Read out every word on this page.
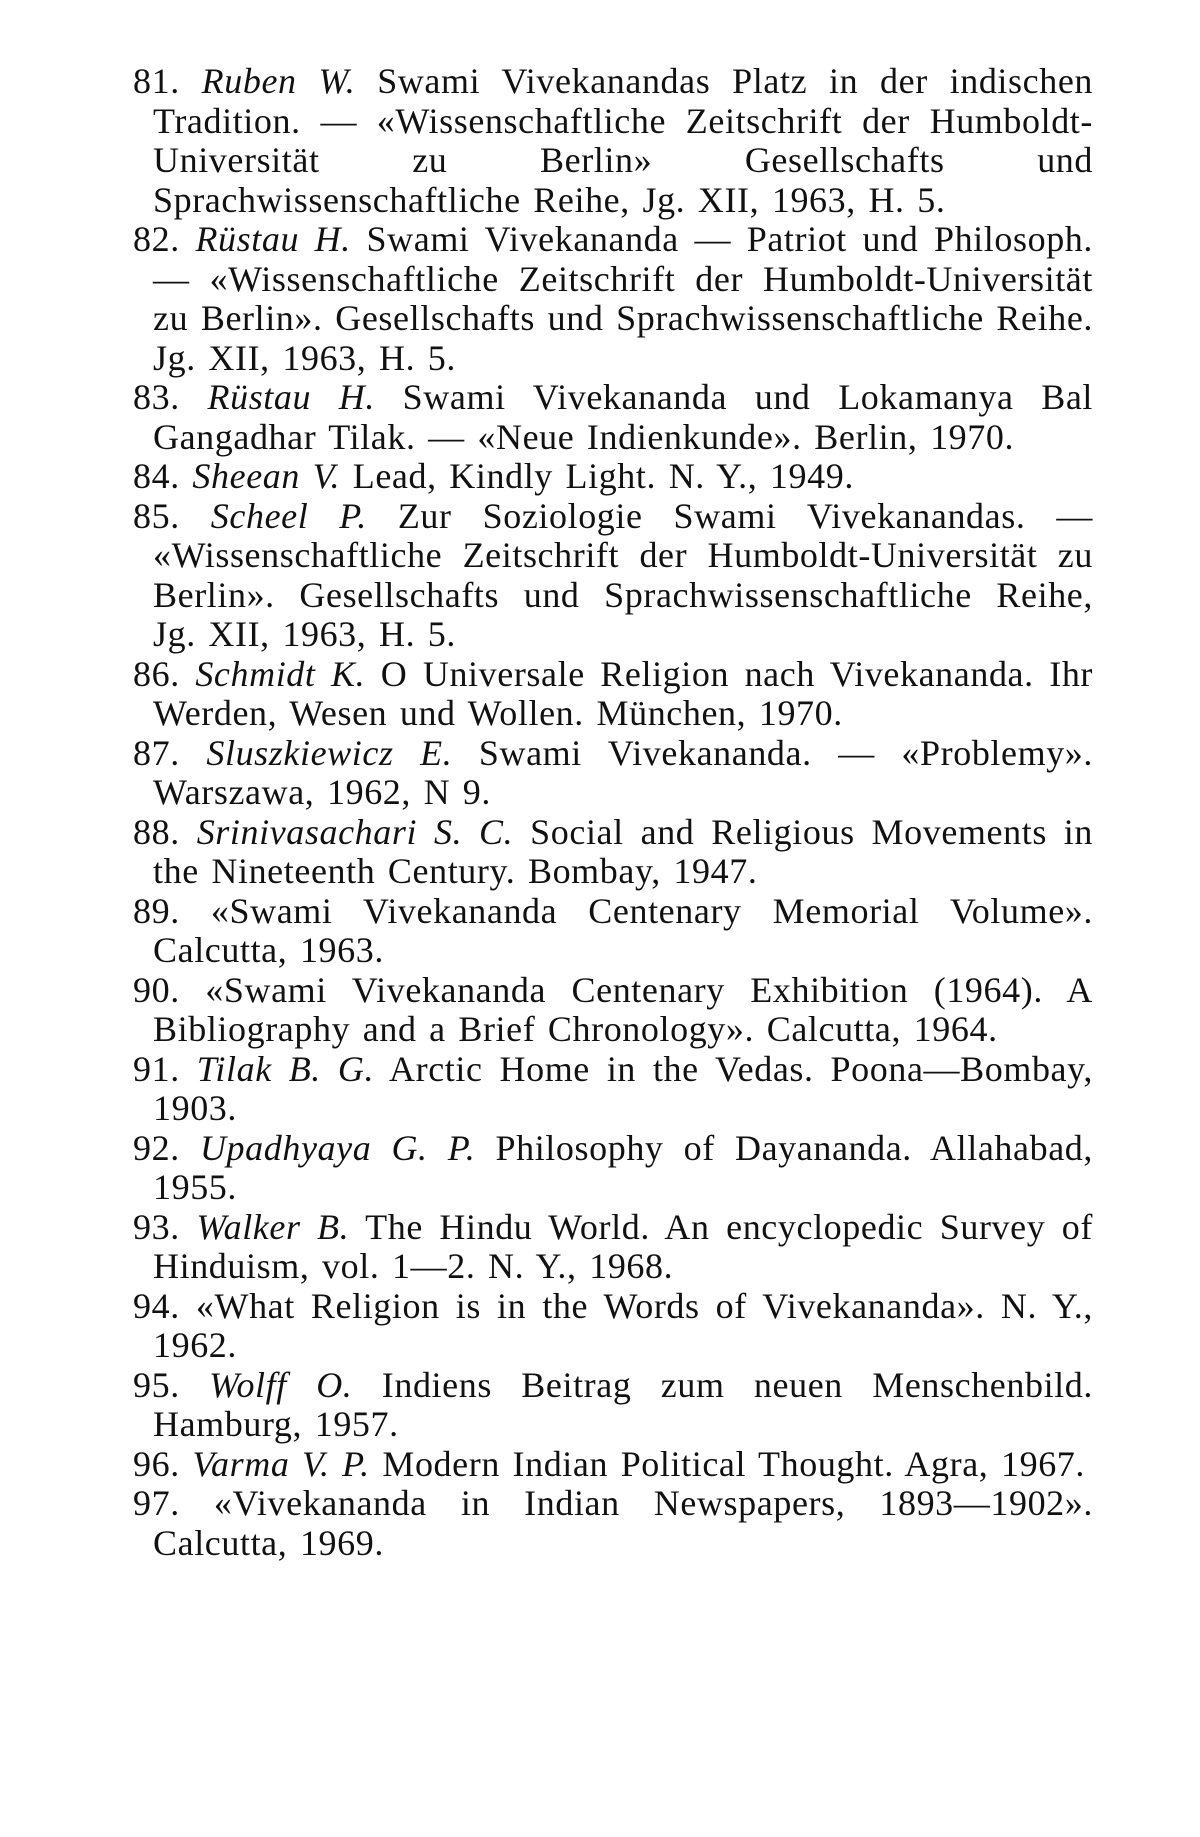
81. Ruben W. Swami Vivekanandas Platz in der indischen Tradition. — «Wissenschaftliche Zeitschrift der Humboldt-Universität zu Berlin» Gesellschafts und Sprachwissenschaftliche Reihe, Jg. XII, 1963, H. 5.

82. Rüstau H. Swami Vivekananda — Patriot und Philosoph. — «Wissenschaftliche Zeitschrift der Humboldt-Universität zu Berlin». Gesellschafts und Sprachwissenschaftliche Reihe. Jg. XII, 1963, H. 5.

83. Rüstau H. Swami Vivekananda und Lokamanya Bal Gangadhar Tilak. — «Neue Indienkunde». Berlin, 1970.

84. Sheean V. Lead, Kindly Light. N. Y., 1949.

85. Scheel P. Zur Soziologie Swami Vivekanandas. — «Wissenschaftliche Zeitschrift der Humboldt-Universität zu Berlin». Gesellschafts und Sprachwissenschaftliche Reihe, Jg. XII, 1963, H. 5.

86. Schmidt K. O Universale Religion nach Vivekananda. Ihr Werden, Wesen und Wollen. München, 1970.

87. Sluszkiewicz E. Swami Vivekananda. — «Problemy». Warszawa, 1962, N 9.

88. Srinivasachari S. C. Social and Religious Movements in the Nineteenth Century. Bombay, 1947.

89. «Swami Vivekananda Centenary Memorial Volume». Calcutta, 1963.

90. «Swami Vivekananda Centenary Exhibition (1964). A Bibliography and a Brief Chronology». Calcutta, 1964.

91. Tilak B. G. Arctic Home in the Vedas. Poona—Bombay, 1903.

92. Upadhyaya G. P. Philosophy of Dayananda. Allahabad, 1955.

93. Walker B. The Hindu World. An encyclopedic Survey of Hinduism, vol. 1—2. N. Y., 1968.

94. «What Religion is in the Words of Vivekananda». N. Y., 1962.

95. Wolff O. Indiens Beitrag zum neuen Menschenbild. Hamburg, 1957.

96. Varma V. P. Modern Indian Political Thought. Agra, 1967.

97. «Vivekananda in Indian Newspapers, 1893—1902». Calcutta, 1969.
